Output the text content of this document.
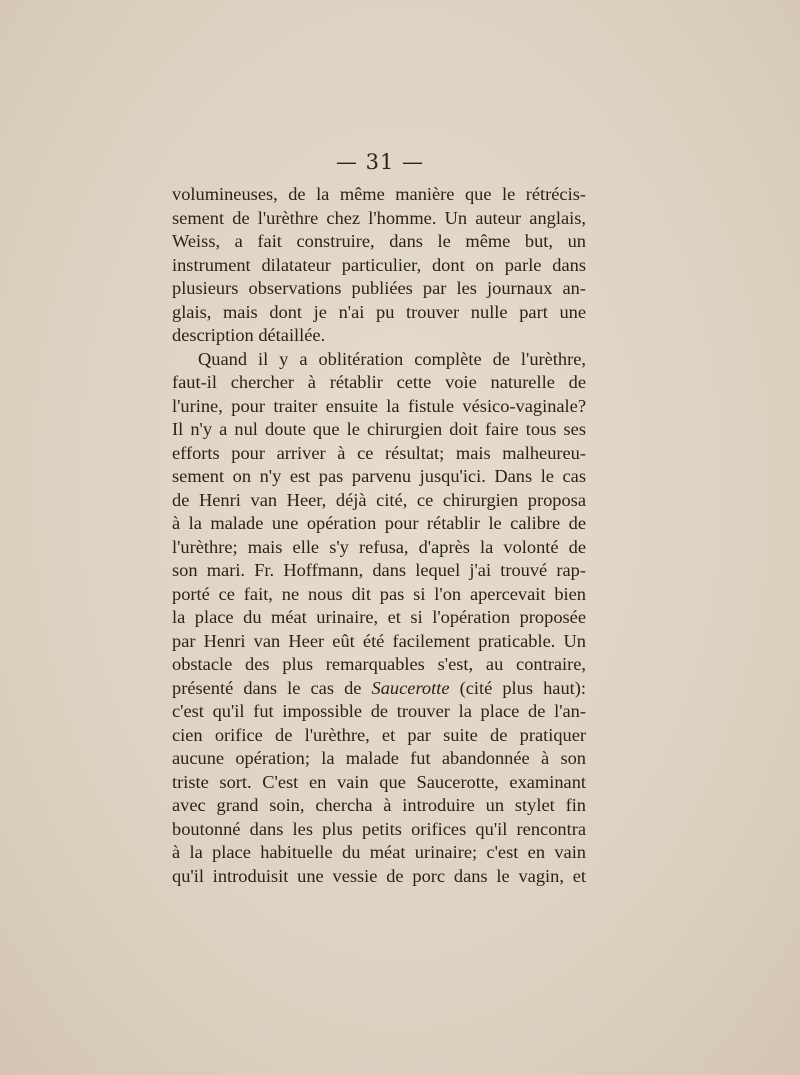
— 31 —
volumineuses, de la même manière que le rétrécis-
sement de l'urèthre chez l'homme. Un auteur anglais,
Weiss, a fait construire, dans le même but, un
instrument dilatateur particulier, dont on parle dans
plusieurs observations publiées par les journaux an-
glais, mais dont je n'ai pu trouver nulle part une
description détaillée.
Quand il y a oblitération complète de l'urèthre,
faut-il chercher à rétablir cette voie naturelle de
l'urine, pour traiter ensuite la fistule vésico-vaginale?
Il n'y a nul doute que le chirurgien doit faire tous ses
efforts pour arriver à ce résultat; mais malheureu-
sement on n'y est pas parvenu jusqu'ici. Dans le cas
de Henri van Heer, déjà cité, ce chirurgien proposa
à la malade une opération pour rétablir le calibre de
l'urèthre; mais elle s'y refusa, d'après la volonté de
son mari. Fr. Hoffmann, dans lequel j'ai trouvé rap-
porté ce fait, ne nous dit pas si l'on apercevait bien
la place du méat urinaire, et si l'opération proposée
par Henri van Heer eût été facilement praticable. Un
obstacle des plus remarquables s'est, au contraire,
présenté dans le cas de Saucerotte (cité plus haut):
c'est qu'il fut impossible de trouver la place de l'an-
cien orifice de l'urèthre, et par suite de pratiquer
aucune opération; la malade fut abandonnée à son
triste sort. C'est en vain que Saucerotte, examinant
avec grand soin, chercha à introduire un stylet fin
boutonné dans les plus petits orifices qu'il rencontra
à la place habituelle du méat urinaire; c'est en vain
qu'il introduisit une vessie de porc dans le vagin, et
